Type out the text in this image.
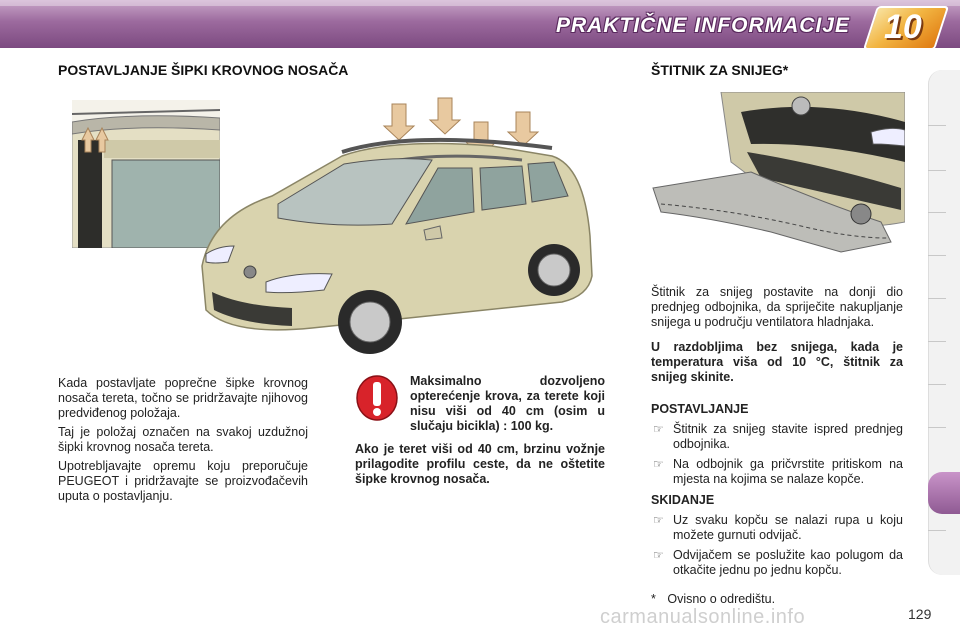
PRAKTIČNE INFORMACIJE 10
POSTAVLJANJE ŠIPKI KROVNOG NOSAČA	ŠTITNIK ZA SNIJEG*

Kada postavljate poprečne šipke krovnog nosača tereta, točno se pridržavajte njihovog predviđenog položaja.

Taj je položaj označen na svakoj uzdužnoj šipki krovnog nosača tereta.

Upotrebljavajte opremu koju preporučuje PEUGEOT i pridržavajte se proizvođačevih uputa o postavljanju.

Maksimalno dozvoljeno opterećenje krova, za terete koji nisu viši od 40 cm (osim u slučaju bicikla) : 100 kg.
Ako je teret viši od 40 cm, brzinu vožnje prilagodite profilu ceste, da ne oštetite šipke krovnog nosača.
Štitnik za snijeg postavite na donji dio prednjeg odbojnika, da spriječite nakupljanje snijega u području ventilatora hladnjaka.
U razdobljima bez snijega, kada je temperatura viša od 10 °C, štitnik za snijeg skinite.
POSTAVLJANJE
☞ Štitnik za snijeg stavite ispred prednjeg odbojnika.
☞ Na odbojnik ga pričvrstite pritiskom na mjesta na kojima se nalaze kopče.
SKIDANJE
☞ Uz svaku kopču se nalazi rupa u koju možete gurnuti odvijač.
☞ Odvijačem se poslužite kao polugom da otkačite jednu po jednu kopču.
* Ovisno o odredištu.
carmanualsonline.info	129
